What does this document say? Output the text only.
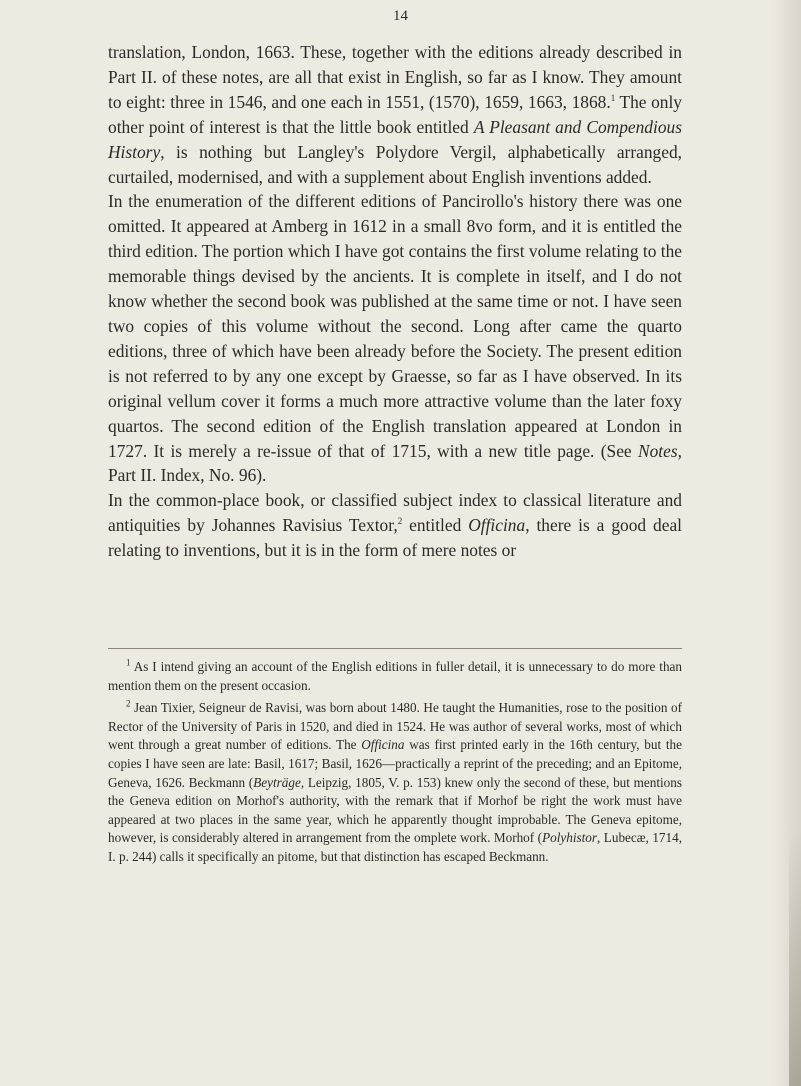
14

translation, London, 1663. These, together with the editions already described in Part II. of these notes, are all that exist in English, so far as I know. They amount to eight: three in 1546, and one each in 1551, (1570), 1659, 1663, 1868.$^1$ The only other point of interest is that the little book entitled A Pleasant and Compendious History, is nothing but Langley's Polydore Vergil, alphabetically arranged, curtailed, modernised, and with a supplement about English inventions added.

In the enumeration of the different editions of Pancirollo's history there was one omitted. It appeared at Amberg in 1612 in a small 8vo form, and it is entitled the third edition. The portion which I have got contains the first volume relating to the memorable things devised by the ancients. It is complete in itself, and I do not know whether the second book was published at the same time or not. I have seen two copies of this volume without the second. Long after came the quarto editions, three of which have been already before the Society. The present edition is not referred to by any one except by Graesse, so far as I have observed. In its original vellum cover it forms a much more attractive volume than the later foxy quartos. The second edition of the English translation appeared at London in 1727. It is merely a re-issue of that of 1715, with a new title page. (See Notes, Part II. Index, No. 96).

In the common-place book, or classified subject index to classical literature and antiquities by Johannes Ravisius Textor,$^2$ entitled Officina, there is a good deal relating to inventions, but it is in the form of mere notes or

$^1$ As I intend giving an account of the English editions in fuller detail, it is unnecessary to do more than mention them on the present occasion.

$^2$ Jean Tixier, Seigneur de Ravisi, was born about 1480. He taught the Humanities, rose to the position of Rector of the University of Paris in 1520, and died in 1524. He was author of several works, most of which went through a great number of editions. The Officina was first printed early in the 16th century, but the copies I have seen are late: Basil, 1617; Basil, 1626—practically a reprint of the preceding; and an Epitome, Geneva, 1626. Beckmann (Beyträge, Leipzig, 1805, V. p. 153) knew only the second of these, but mentions the Geneva edition on Morhof's authority, with the remark that if Morhof be right the work must have appeared at two places in the same year, which he apparently thought improbable. The Geneva epitome, however, is considerably altered in arrangement from the omplete work. Morhof (Polyhistor, Lubecæ, 1714, I. p. 244) calls it specifically an pitome, but that distinction has escaped Beckmann.
